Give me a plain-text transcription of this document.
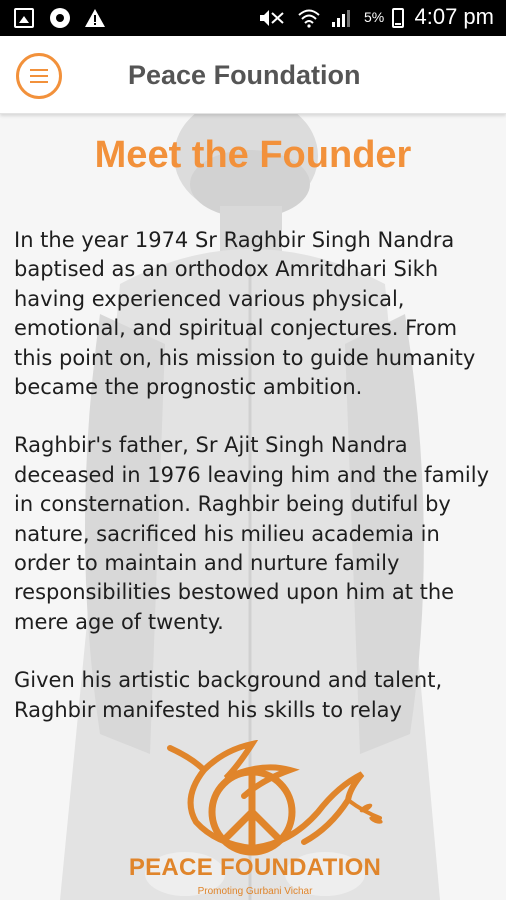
5% 4:07 pm
Peace Foundation
Meet the Founder

In the year 1974 Sr Raghbir Singh Nandra baptised as an orthodox Amritdhari Sikh having experienced various physical, emotional, and spiritual conjectures. From this point on, his mission to guide humanity became the prognostic ambition.

Raghbir's father, Sr Ajit Singh Nandra deceased in 1976 leaving him and the family in consternation. Raghbir being dutiful by nature, sacrificed his milieu academia in order to maintain and nurture family responsibilities bestowed upon him at the mere age of twenty.

Given his artistic background and talent, Raghbir manifested his skills to relay

PEACE FOUNDATION
Promoting Gurbani Vichar
